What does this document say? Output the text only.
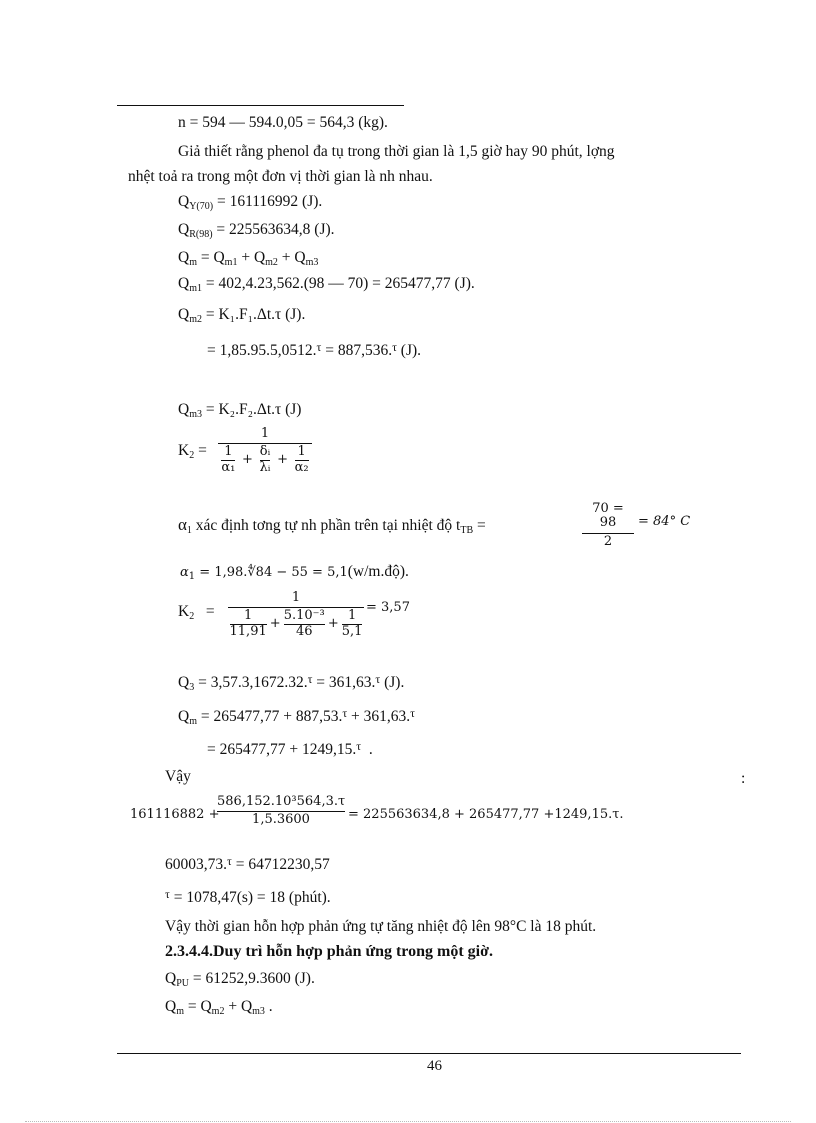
n = 594 — 594.0,05 = 564,3 (kg).
Giả thiết rằng phenol đa tụ trong thời gian là 1,5 giờ hay 90 phút, lợng
nhệt toả ra trong một đơn vị thời gian là nh nhau.
$Q_{Y(70)} = 161116992$ (J).
$Q_{R(98)} = 225563634,8$ (J).
$Q_m = Q_{m1} + Q_{m2} + Q_{m3}$
$Q_{m1} = 402,4.23,562.(98$ — 70) = 265477,77 (J).
$Q_{m2} = K_1.F_1.\Delta t.\tau$ (J).
= 1,85.95.5,0512.$^\tau$ = 887,536.$^\tau$ (J).
$Q_{m3} = K_2.F_2.\Delta t.\tau$ (J)
$K_2$ =
1
1
α₁
+ $\frac{\text{δᵢ}}{\text{λᵢ}} + \frac{1}{\text{α₂}}$
$\alpha_1$ xác định tơng tự nh phần trên tại nhiệt độ $t_{TB}$ =
70 = 98
2
= 84° C
$\alpha_1$ = 1,98.∜84 − 55 = 5,1(w/m.độ).
$K_2$   =
1
1
11,91
+ $\frac{\text{5.10⁻³}}{46} + \frac{1}{5,1}$
= 3,57
$Q_3 = 3,57.3,1672.32.^\tau = 361,63.^\tau$ (J).
$Q_m = 265477,77 + 887,53.^\tau + 361,63.^\tau$
= 265477,77 + 1249,15.$^\tau$  .
Vậy	:
161116882 +
586,152.10³564,3.τ
1,5.3600	= 225563634,8 + 265477,77 +1249,15.τ.
60003,73.$^\tau$ = 64712230,57
$^\tau$ = 1078,47(s) = 18 (phút).
Vậy thời gian hỗn hợp phản ứng tự tăng nhiệt độ lên 98°C là 18 phút.
2.3.4.4.Duy trì hỗn hợp phản ứng trong một giờ.
$Q_{PU} = 61252,9.3600$ (J).
$Q_m = Q_{m2} + Q_{m3}$ .
46
